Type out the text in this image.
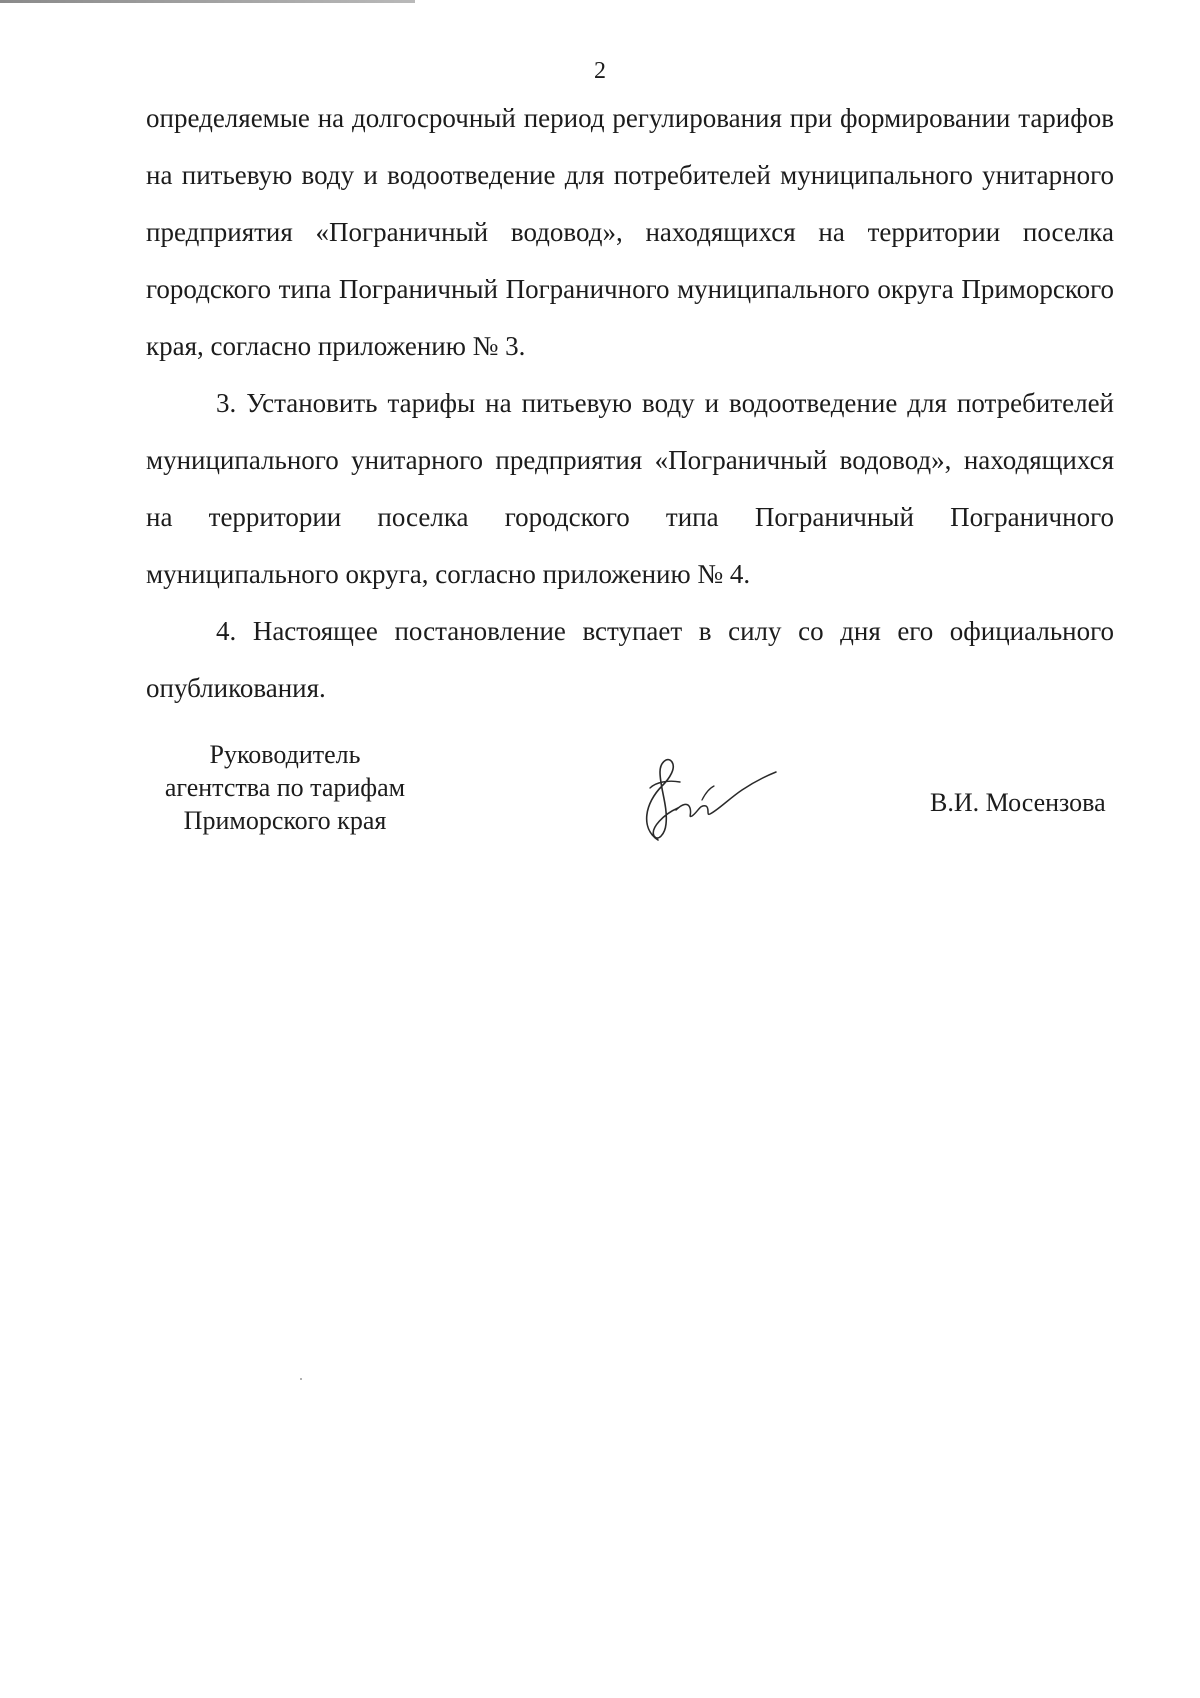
2

определяемые на долгосрочный период регулирования при формировании тарифов на питьевую воду и водоотведение для потребителей муниципального унитарного предприятия «Пограничный водовод», находящихся на территории поселка городского типа Пограничный Пограничного муниципального округа Приморского края, согласно приложению № 3.

3. Установить тарифы на питьевую воду и водоотведение для потребителей муниципального унитарного предприятия «Пограничный водовод», находящихся на территории поселка городского типа Пограничный Пограничного муниципального округа, согласно приложению № 4.

4. Настоящее постановление вступает в силу со дня его официального опубликования.

Руководитель
агентства по тарифам
Приморского края
В.И. Мосензова
